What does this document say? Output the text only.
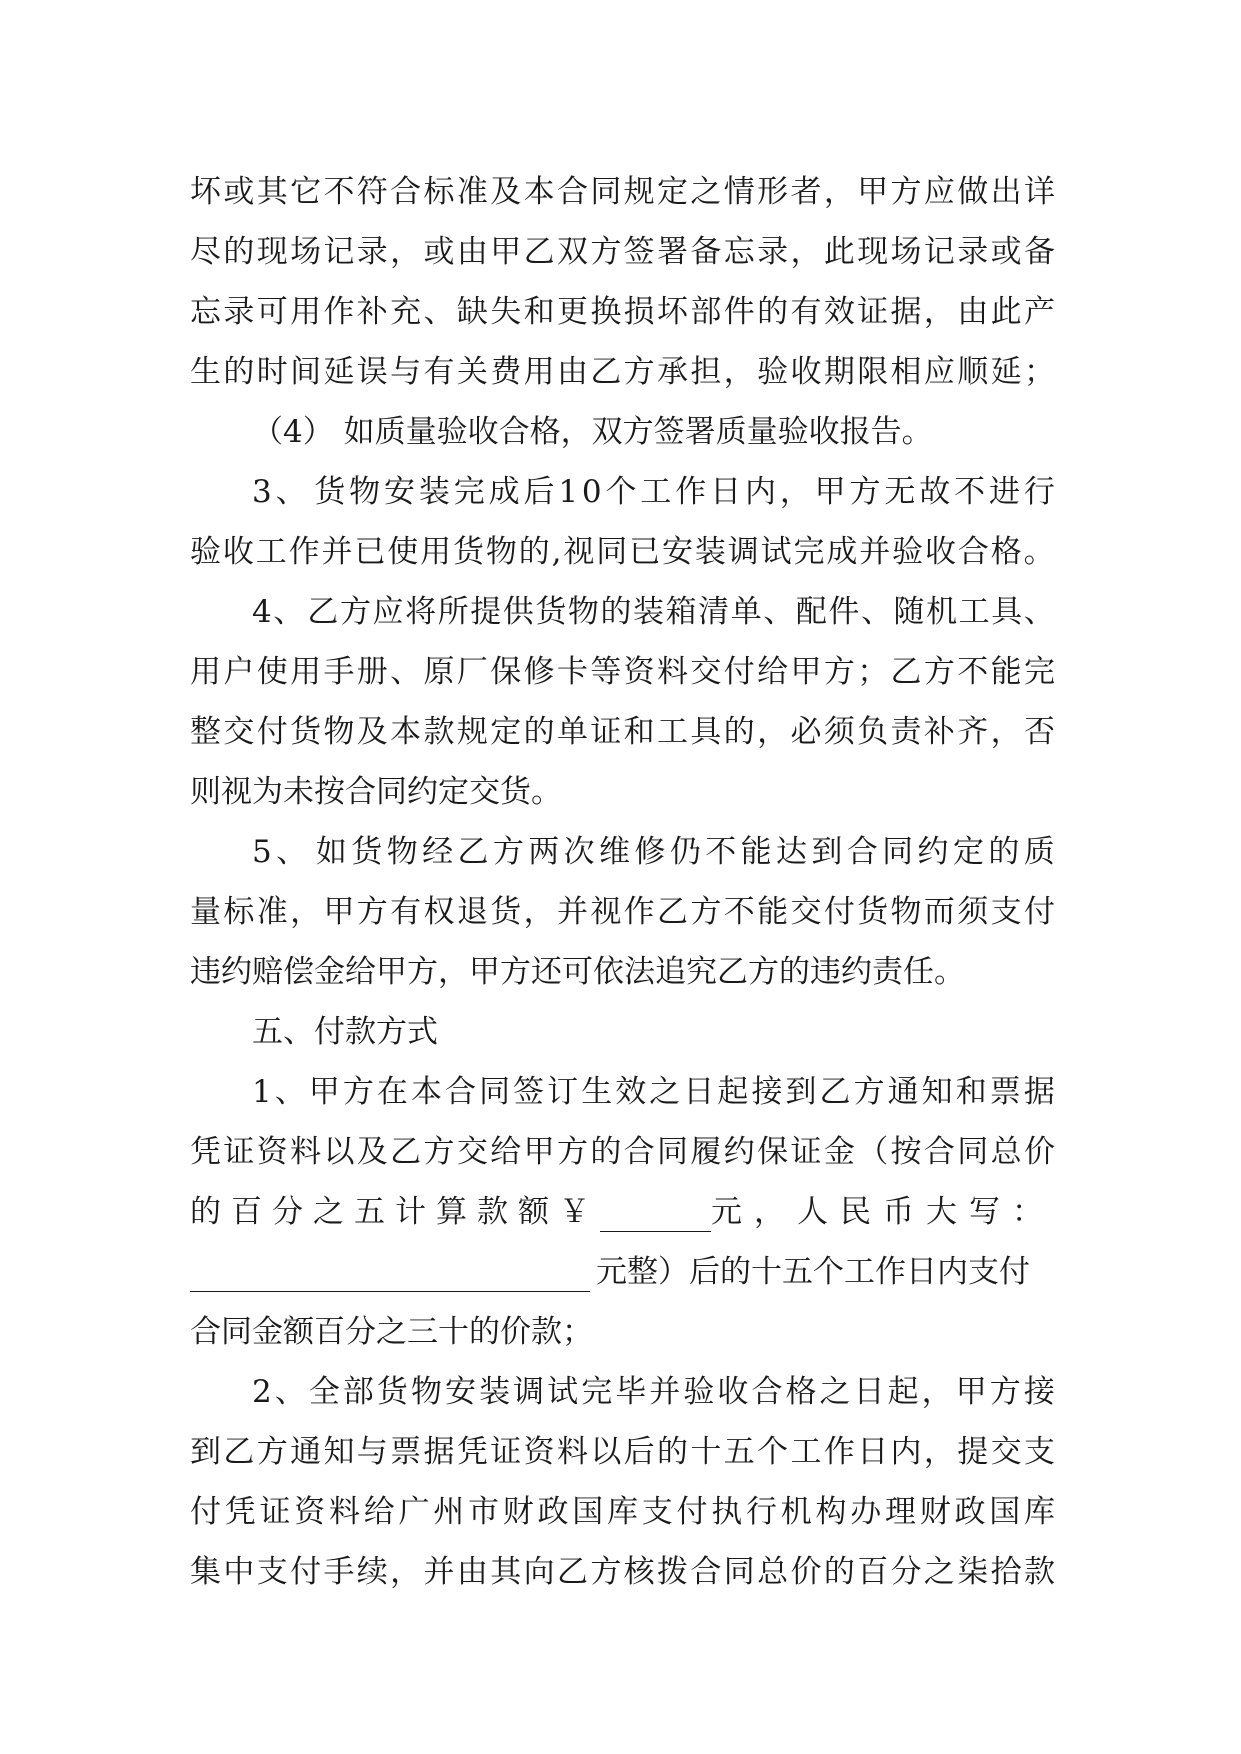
坏 或 其 它 不 符 合 标 准 及 本 合 同 规 定 之 情 形 者 ， 甲 方 应 做 出 详
尽 的 现 场 记 录 ， 或 由 甲 乙 双 方 签 署 备 忘 录 ， 此 现 场 记 录 或 备
忘 录 可 用 作 补 充 、 缺 失 和 更 换 损 坏 部 件 的 有 效 证 据 ， 由 此 产
生 的 时 间 延 误 与 有 关 费 用 由 乙 方 承 担 ， 验 收 期 限 相 应 顺 延 ；
（4） 如质量验收合格，双方签署质量验收报告。
3 、 货 物 安 装 完 成 后 1 0 个 工 作 日 内 ， 甲 方 无 故 不 进 行
验 收 工 作 并 已 使 用 货 物 的 , 视 同 已 安 装 调 试 完 成 并 验 收 合 格 。
4 、 乙 方 应 将 所 提 供 货 物 的 装 箱 清 单 、 配 件 、 随 机 工 具 、
用 户 使 用 手 册 、 原 厂 保 修 卡 等 资 料 交 付 给 甲 方 ； 乙 方 不 能 完
整 交 付 货 物 及 本 款 规 定 的 单 证 和 工 具 的 ， 必 须 负 责 补 齐 ， 否
则视为未按合同约定交货。
5 、 如 货 物 经 乙 方 两 次 维 修 仍 不 能 达 到 合 同 约 定 的 质
量 标 准 ， 甲 方 有 权 退 货 ， 并 视 作 乙 方 不 能 交 付 货 物 而 须 支 付
违约赔偿金给甲方，甲方还可依法追究乙方的违约责任。
五、付款方式
1 、 甲 方 在 本 合 同 签 订 生 效 之 日 起 接 到 乙 方 通 知 和 票 据
凭 证 资 料 以 及 乙 方 交 给 甲 方 的 合 同 履 约 保 证 金 （ 按 合 同 总 价
的百分之五计算款额￥	元，人民币大写：
元整）后的十五个工作日内支付
合同金额百分之三十的价款；
2 、 全 部 货 物 安 装 调 试 完 毕 并 验 收 合 格 之 日 起 ， 甲 方 接
到 乙 方 通 知 与 票 据 凭 证 资 料 以 后 的 十 五 个 工 作 日 内 ， 提 交 支
付 凭 证 资 料 给 广 州 市 财 政 国 库 支 付 执 行 机 构 办 理 财 政 国 库
集 中 支 付 手 续 ， 并 由 其 向 乙 方 核 拨 合 同 总 价 的 百 分 之 柒 拾 款
